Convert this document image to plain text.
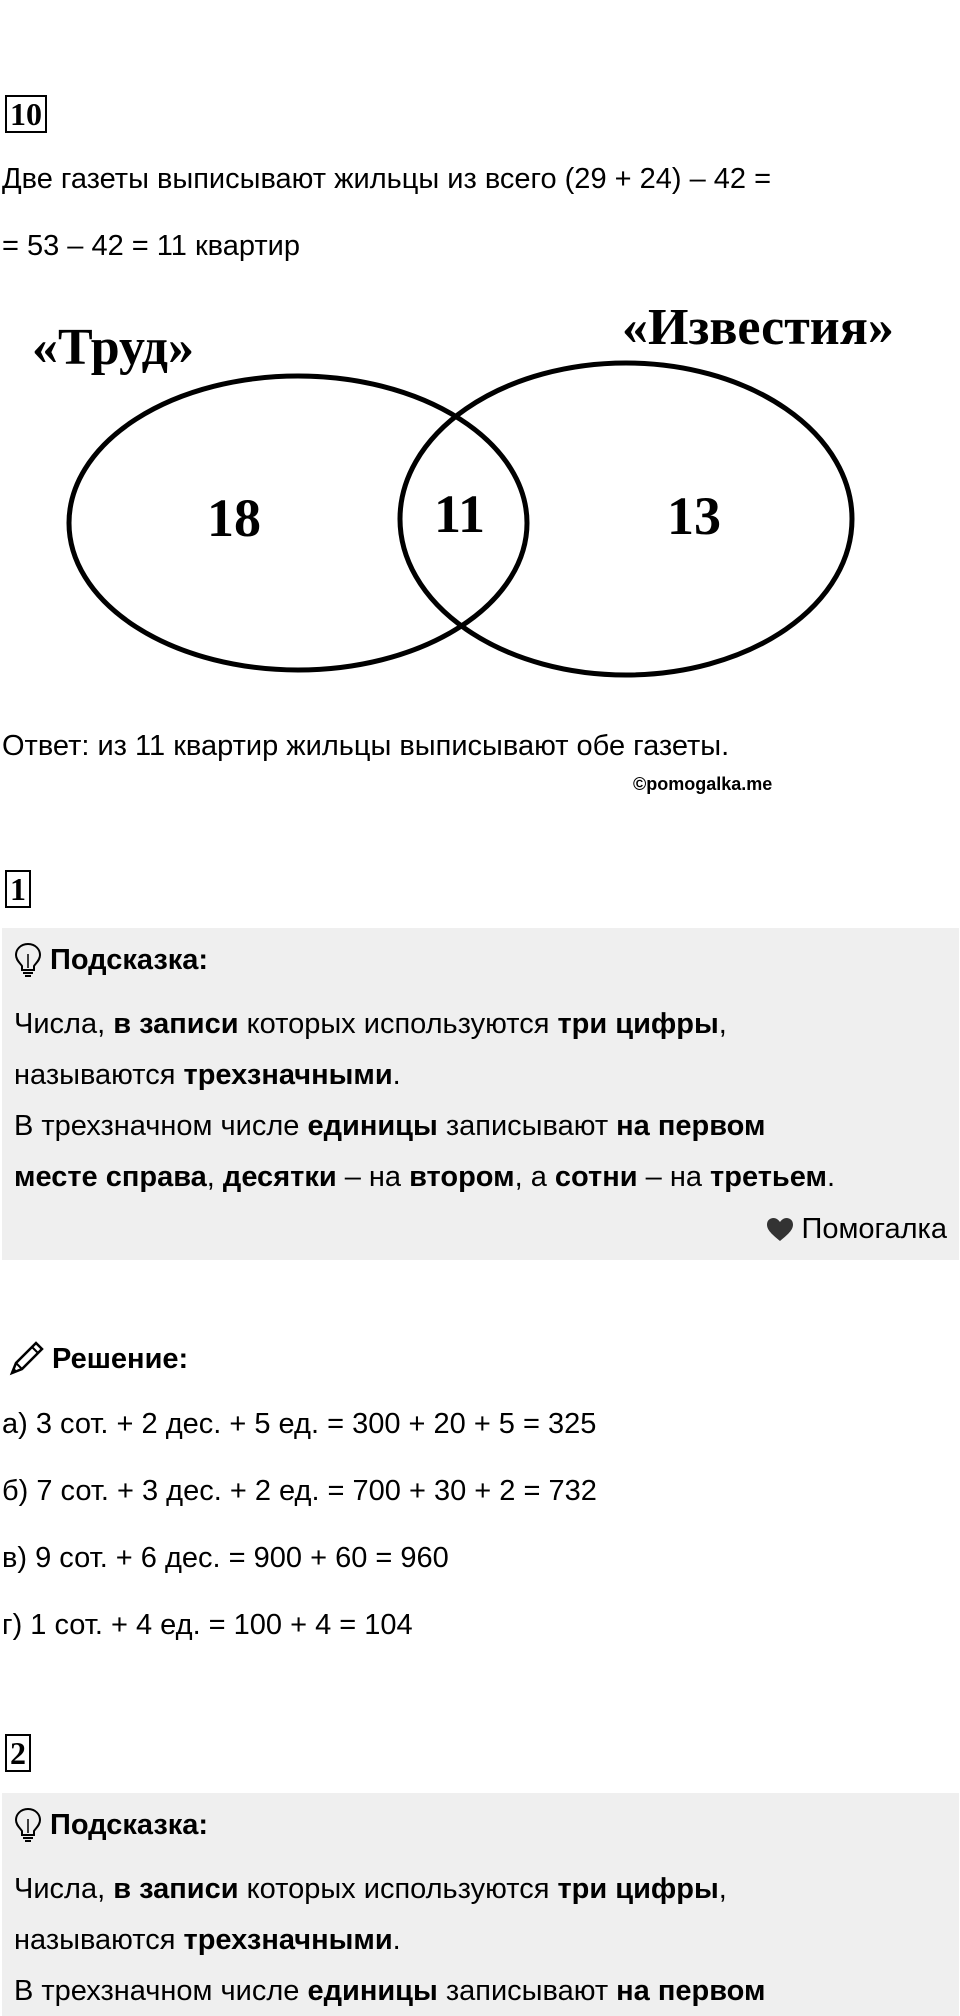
10
Две газеты выписывают жильцы из всего (29 + 24) – 42 =
= 53 – 42 = 11 квартир
«Труд»	«Известия»
18	11	13
Ответ: из 11 квартир жильцы выписывают обе газеты.
©pomogalka.me
1
Подсказка:
Числа, в записи которых используются три цифры,
называются трехзначными.
В трехзначном числе единицы записывают на первом
месте справа, десятки – на втором, а сотни – на третьем.
Помогалка
Решение:
а) 3 сот. + 2 дес. + 5 ед. = 300 + 20 + 5 = 325
б) 7 сот. + 3 дес. + 2 ед. = 700 + 30 + 2 = 732
в) 9 сот. + 6 дес. = 900 + 60 = 960
г) 1 сот. + 4 ед. = 100 + 4 = 104
2
Подсказка:
Числа, в записи которых используются три цифры,
называются трехзначными.
В трехзначном числе единицы записывают на первом
